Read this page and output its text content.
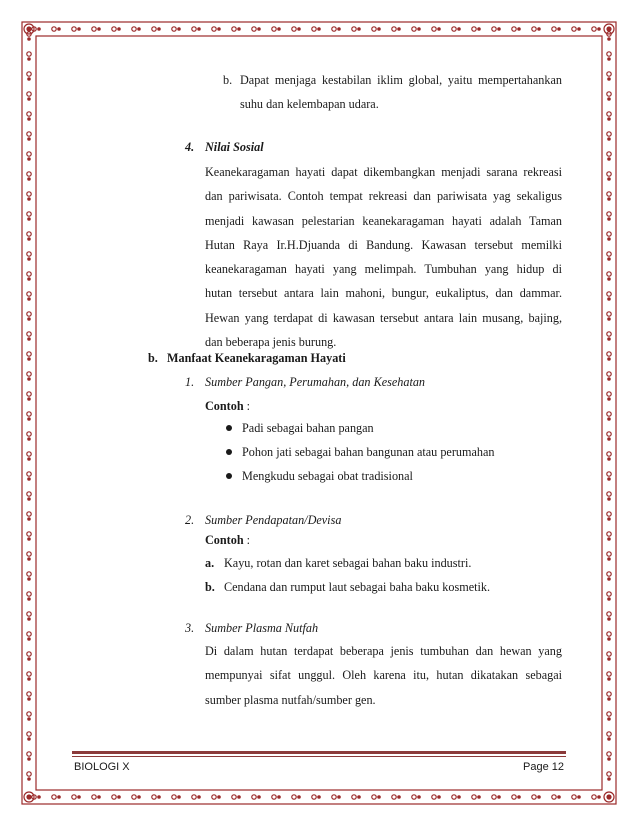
b. Dapat menjaga kestabilan iklim global, yaitu mempertahankan
suhu dan kelembapan udara.
4. Nilai Sosial
Keanekaragaman hayati dapat dikembangkan menjadi sarana rekreasi
dan pariwisata. Contoh tempat rekreasi dan pariwisata yag sekaligus
menjadi kawasan pelestarian keanekaragaman hayati adalah Taman
Hutan Raya Ir.H.Djuanda di Bandung. Kawasan tersebut memilki
keanekaragaman hayati yang melimpah. Tumbuhan yang hidup di
hutan tersebut antara lain mahoni, bungur, eukaliptus, dan dammar.
Hewan yang terdapat di kawasan tersebut antara lain musang, bajing,
dan beberapa jenis burung.
b. Manfaat Keanekaragaman Hayati
1. Sumber Pangan, Perumahan, dan Kesehatan
Contoh :
Padi sebagai bahan pangan
Pohon jati sebagai bahan bangunan atau perumahan
Mengkudu sebagai obat tradisional
2. Sumber Pendapatan/Devisa
Contoh :
a. Kayu, rotan dan karet sebagai bahan baku industri.
b. Cendana dan rumput laut sebagai baha baku kosmetik.
3. Sumber Plasma Nutfah
Di dalam hutan terdapat beberapa jenis tumbuhan dan hewan yang
mempunyai sifat unggul. Oleh karena itu, hutan dikatakan sebagai
sumber plasma nutfah/sumber gen.
BIOLOGI X	Page 12
